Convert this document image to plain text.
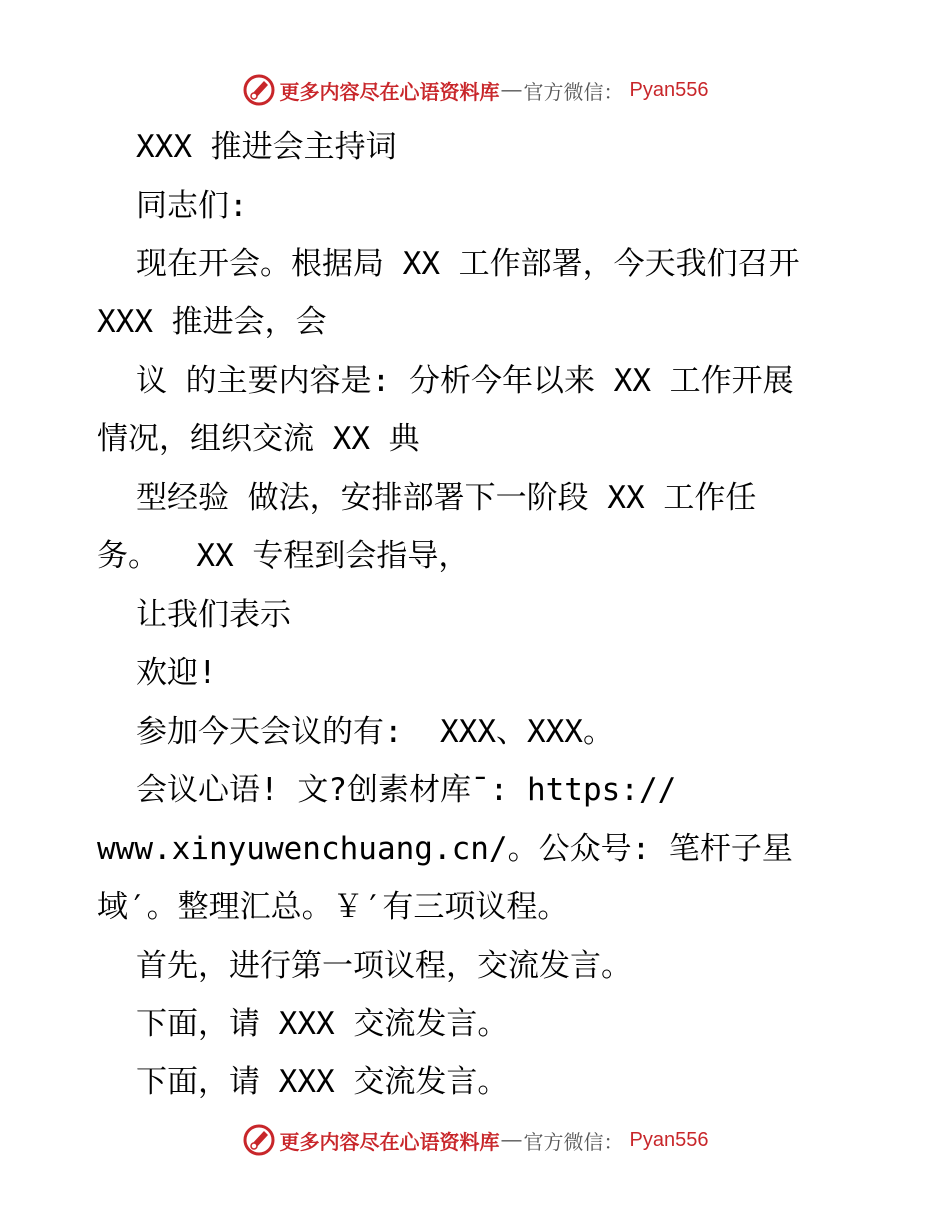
更多内容尽在心语资料库 — 官方微信： Pyan556
XXX 推进会主持词
同志们:
现在开会。根据局 XX 工作部署，今天我们召开
XXX 推进会，会
议 的主要内容是: 分析今年以来 XX 工作开展
情况，组织交流 XX 典
型经验 做法，安排部署下一阶段 XX 工作任
务。  XX 专程到会指导，
让我们表示
欢迎!
参加今天会议的有:  XXX、XXX。
会议心语! 文?创素材库¯: https://
www.xinyuwenchuang.cn/。公众号: 笔杆子星
域′。整理汇总。￥′有三项议程。
首先，进行第一项议程，交流发言。
下面，请 XXX 交流发言。
下面，请 XXX 交流发言。
更多内容尽在心语资料库 — 官方微信： Pyan556
